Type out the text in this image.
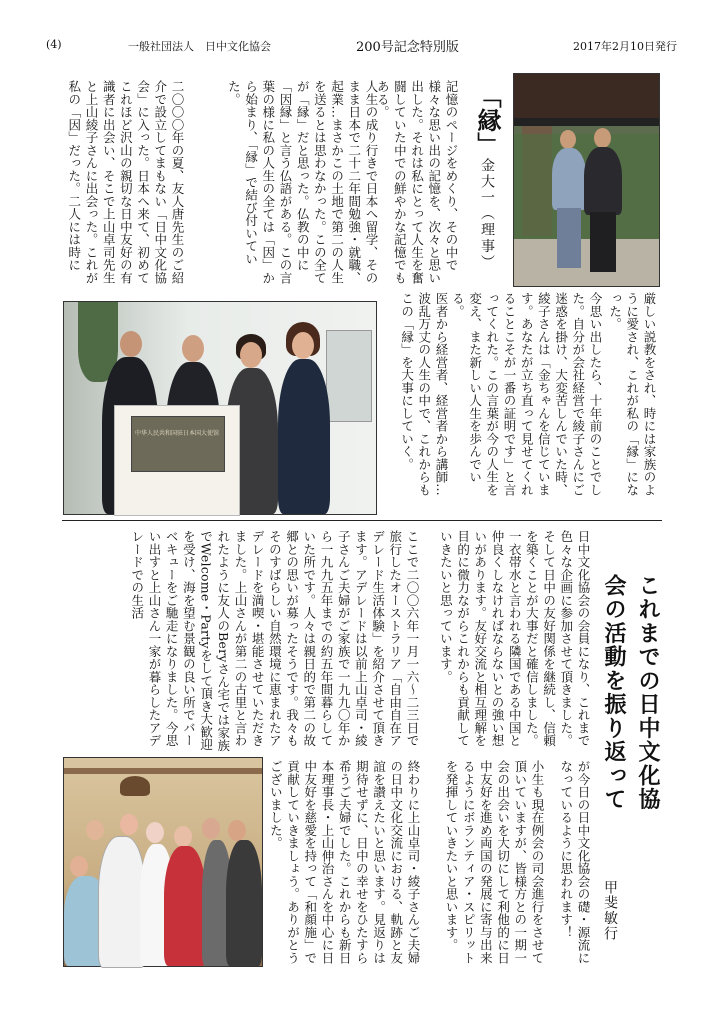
(4)	一般社団法人　日中文化協会	200号記念特別版	2017年2月10日発行
「縁」
金大一（理事）
記憶のページをめくり、その中で様々な思い出の記憶を、次々と思い出した。それは私にとって人生を奮闘していた中での鮮やかな記憶でもある。
人生の成り行きで日本へ留学、そのまま日本で二十二年間勉強・就職、起業…まさかこの土地で第二の人生を送るとは思わなかった。この全てが「縁」だと思った。仏教の中に「因縁」と言う仏語がある。この言葉の様に私の人生の全ては「因」から始まり、「縁」で結び付いていた。
二〇〇〇年の夏、友人唐先生のご紹介で設立してまもない「日中文化協会」に入った。日本へ来て、初めてこれほど沢山の親切な日中友好の有識者に出会い、そこで上山卓司先生と上山綾子さんに出会った。これが私の「因」だった。二人には時に
中华人民共和国驻日本国大使馆	厳しい説教をされ、時には家族のように愛され、これが私の「縁」になった。
今思い出したら、十年前のことでした。自分が会社経営で綾子さんにご迷惑を掛け、大変苦しんでいた時、綾子さんは「金ちゃんを信じています。あなたが立ち直って見せてくれることこそが一番の証明です」と言ってくれた。この言葉が今の人生を変え、また新しい人生を歩んでいる。
医者から経営者、経営者から講師…波乱万丈の人生の中で、これからもこの「縁」を大事にしていく。
これまでの日中文化協会の活動を振り返って
日中文化協会の会員になり、これまで色々な企画に参加させて頂きました。そして日中の友好関係を継続し、信頼を築くことが大事だと確信しました。一衣帯水と言われる隣国である中国と仲良くしなければならないとの強い想いがあります。友好交流と相互理解を目的に微力ながらこれからも貢献していきたいと思っています。
ここで二〇〇六年一月一六〜二三日で旅行したオーストラリア「自由自在アデレード生活体験」を紹介させて頂きます。アデレードは以前上山卓司・綾子さんご夫婦がご家族で一九九〇年から一九九五年までの約五年間暮らしていた所です。人々は親日的で第二の故郷との思いが募ったそうです。我々もそのすばらしい自然環境に恵まれたアデレードを満喫・堪能させていただきました。上山さんが第二の古里と言われたように友人のBeryさん宅では家族でWelcome・Partyをして頂き大歓迎を受け、海を望む景観の良い所でバーベキューをご馳走になりました。今思い出すと上山さん一家が暮らしたアデレードでの生活
が今日の日中文化協会の礎・源流になっているように思われます！
小生も現在例会の司会進行をさせて頂いていますが、皆様方との一期一会の出会いを大切にして利他的に日中友好を進め両国の発展に寄与出来るようにボランティア・スピリットを発揮していきたいと思います。
終わりに上山卓司・綾子さんご夫婦の日中文化交流における、軌跡と友誼を讃えたいと思います。見返りは期待せずに、日中の幸せをひたすら希うご夫婦でした。これからも新日本理事長・上山伸治さんを中心に日中友好を慈愛を持って「和顔施」で貢献していきましょう。ありがとうございました。
甲斐敏行
